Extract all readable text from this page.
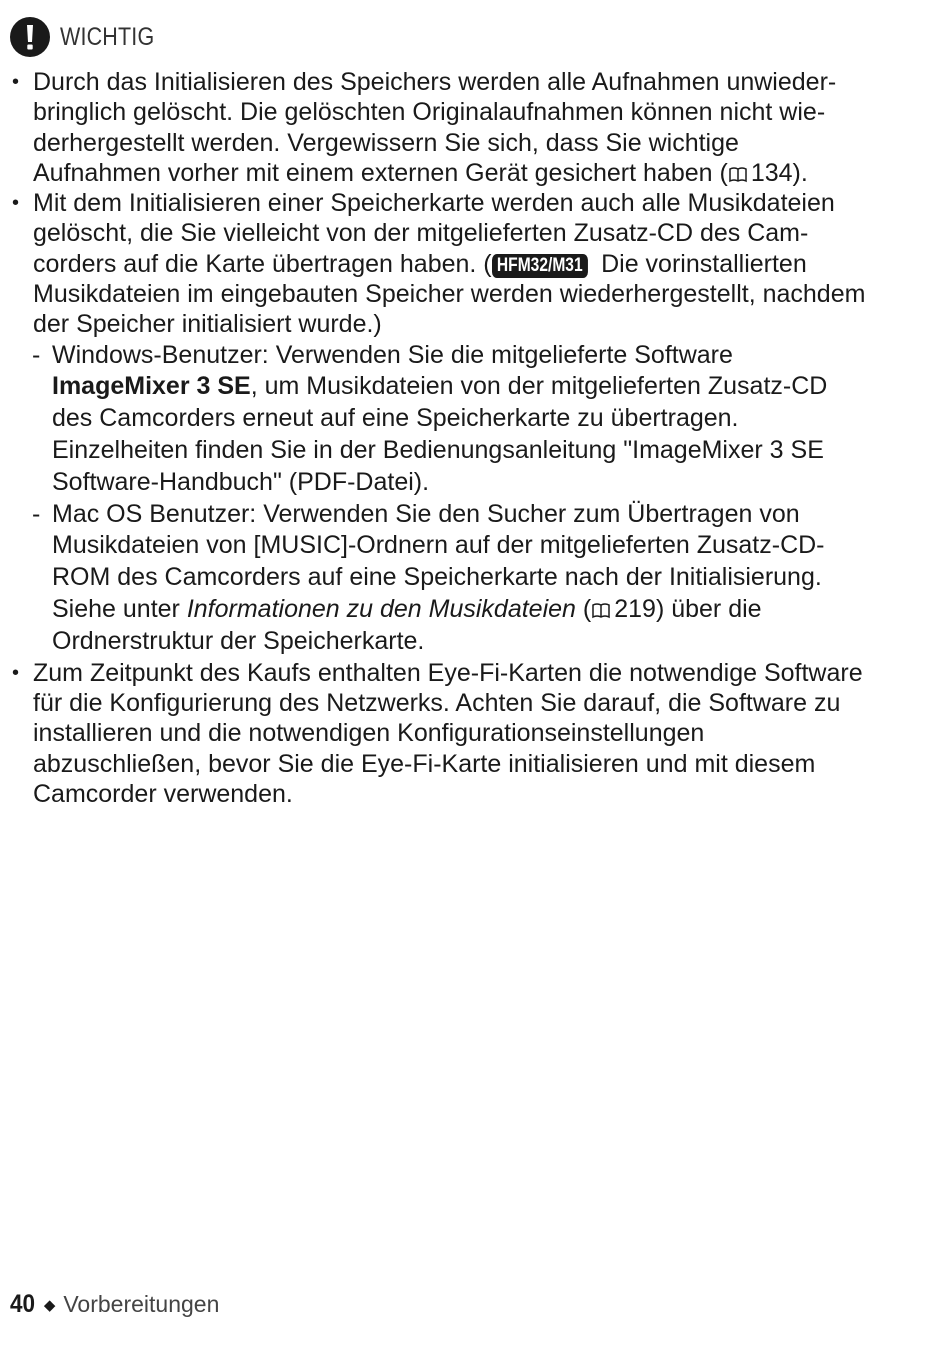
WICHTIG
• Durch das Initialisieren des Speichers werden alle Aufnahmen unwiederbringlich gelöscht. Die gelöschten Originalaufnahmen können nicht wiederhergestellt werden. Vergewissern Sie sich, dass Sie wichtige Aufnahmen vorher mit einem externen Gerät gesichert haben ( 134).
• Mit dem Initialisieren einer Speicherkarte werden auch alle Musikdateien gelöscht, die Sie vielleicht von der mitgelieferten Zusatz-CD des Camcorders auf die Karte übertragen haben. ( HFM32/M31 Die vorinstallierten Musikdateien im eingebauten Speicher werden wiederhergestellt, nachdem der Speicher initialisiert wurde.)
- Windows-Benutzer: Verwenden Sie die mitgelieferte Software ImageMixer 3 SE, um Musikdateien von der mitgelieferten Zusatz-CD des Camcorders erneut auf eine Speicherkarte zu übertragen. Einzelheiten finden Sie in der Bedienungsanleitung "ImageMixer 3 SE Software-Handbuch" (PDF-Datei).
- Mac OS Benutzer: Verwenden Sie den Sucher zum Übertragen von Musikdateien von [MUSIC]-Ordnern auf der mitgelieferten Zusatz-CD-ROM des Camcorders auf eine Speicherkarte nach der Initialisierung. Siehe unter Informationen zu den Musikdateien ( 219) über die Ordnerstruktur der Speicherkarte.
• Zum Zeitpunkt des Kaufs enthalten Eye-Fi-Karten die notwendige Software für die Konfigurierung des Netzwerks. Achten Sie darauf, die Software zu installieren und die notwendigen Konfigurationseinstellungen abzuschließen, bevor Sie die Eye-Fi-Karte initialisieren und mit diesem Camcorder verwenden.
40 ◆ Vorbereitungen
